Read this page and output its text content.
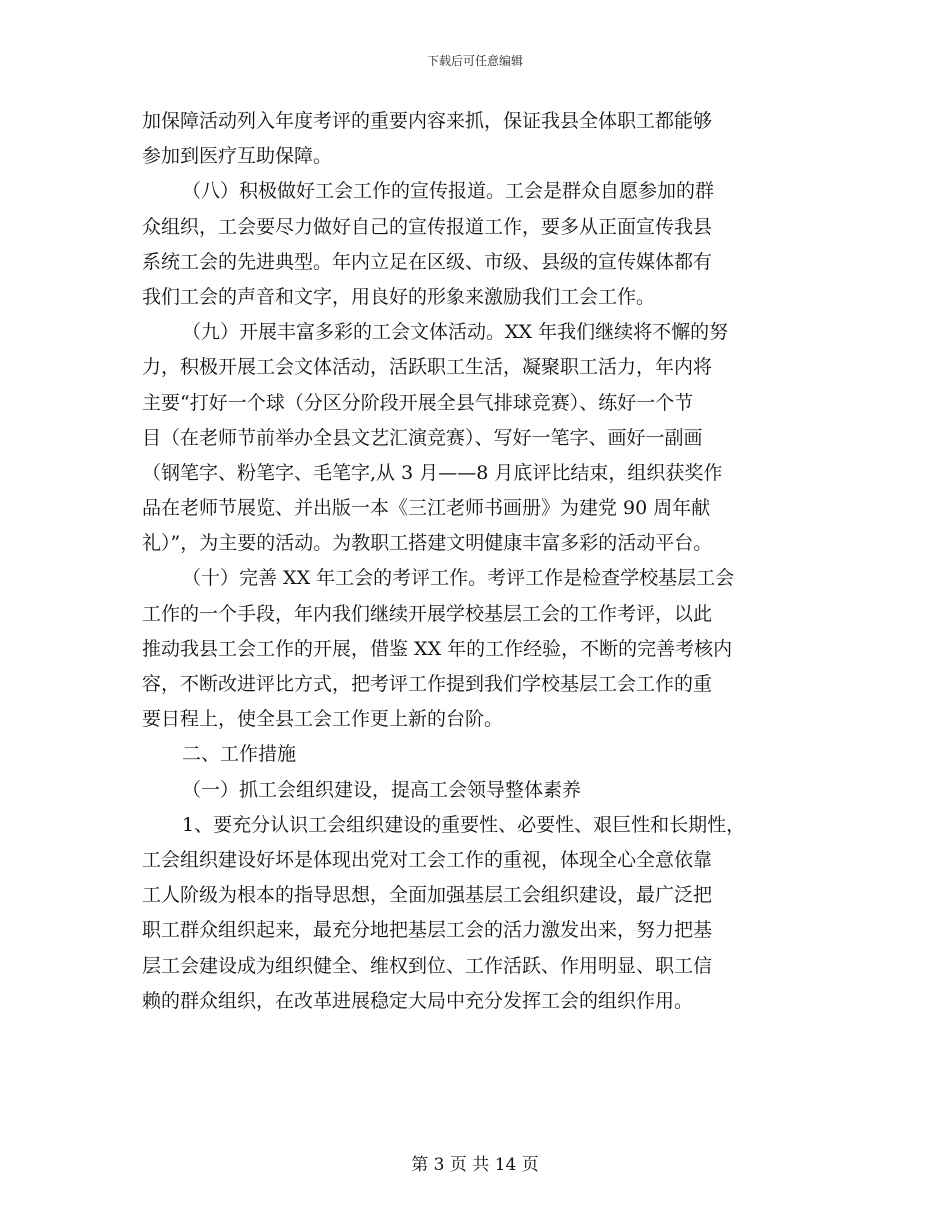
下载后可任意编辑
加保障活动列入年度考评的重要内容来抓，保证我县全体职工都能够
参加到医疗互助保障。
（八）积极做好工会工作的宣传报道。工会是群众自愿参加的群
众组织，工会要尽力做好自己的宣传报道工作，要多从正面宣传我县
系统工会的先进典型。年内立足在区级、市级、县级的宣传媒体都有
我们工会的声音和文字，用良好的形象来激励我们工会工作。
（九）开展丰富多彩的工会文体活动。XX 年我们继续将不懈的努
力，积极开展工会文体活动，活跃职工生活，凝聚职工活力，年内将
主要“打好一个球（分区分阶段开展全县气排球竞赛）、练好一个节
目（在老师节前举办全县文艺汇演竞赛）、写好一笔字、画好一副画
（钢笔字、粉笔字、毛笔字,从 3 月——8 月底评比结束，组织获奖作
品在老师节展览、并出版一本《三江老师书画册》为建党 90 周年献
礼）”，为主要的活动。为教职工搭建文明健康丰富多彩的活动平台。
（十）完善 XX 年工会的考评工作。考评工作是检查学校基层工会
工作的一个手段，年内我们继续开展学校基层工会的工作考评，以此
推动我县工会工作的开展，借鉴 XX 年的工作经验，不断的完善考核内
容，不断改进评比方式，把考评工作提到我们学校基层工会工作的重
要日程上，使全县工会工作更上新的台阶。
二、工作措施
（一）抓工会组织建设，提高工会领导整体素养
1、要充分认识工会组织建设的重要性、必要性、艰巨性和长期性，
工会组织建设好坏是体现出党对工会工作的重视，体现全心全意依靠
工人阶级为根本的指导思想，全面加强基层工会组织建设，最广泛把
职工群众组织起来，最充分地把基层工会的活力激发出来，努力把基
层工会建设成为组织健全、维权到位、工作活跃、作用明显、职工信
赖的群众组织，在改革进展稳定大局中充分发挥工会的组织作用。
第 3 页 共 14 页
